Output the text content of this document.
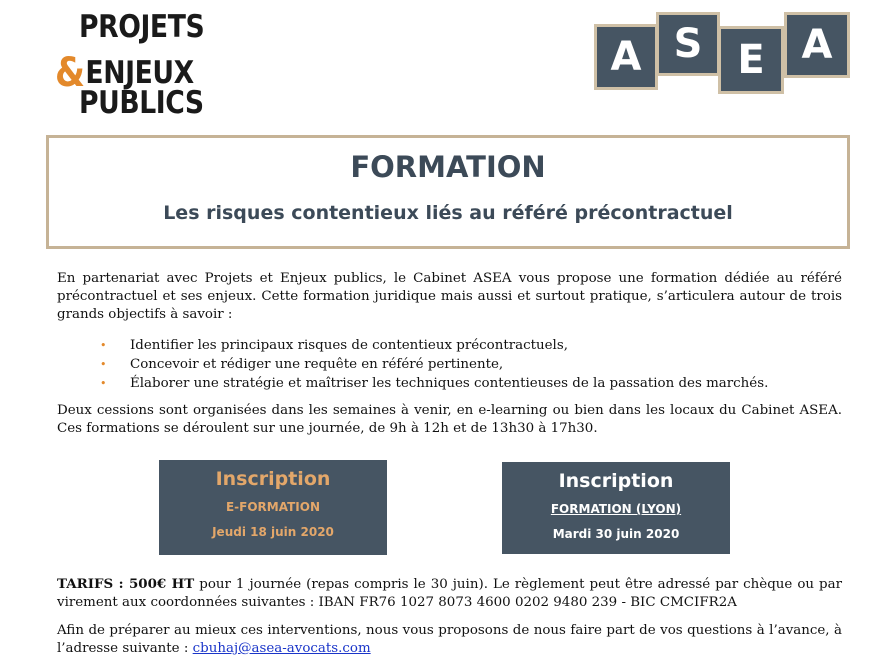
PROJETS
&ENJEUX
PUBLICS
A S E A
FORMATION
Les risques contentieux liés au référé précontractuel
En partenariat avec Projets et Enjeux publics, le Cabinet ASEA vous propose une formation dédiée au référé précontractuel et ses enjeux. Cette formation juridique mais aussi et surtout pratique, s’articulera autour de trois grands objectifs à savoir :
• Identifier les principaux risques de contentieux précontractuels,
• Concevoir et rédiger une requête en référé pertinente,
• Élaborer une stratégie et maîtriser les techniques contentieuses de la passation des marchés.
Deux cessions sont organisées dans les semaines à venir, en e-learning ou bien dans les locaux du Cabinet ASEA. Ces formations se déroulent sur une journée, de 9h à 12h et de 13h30 à 17h30.
Inscription
E-FORMATION
Jeudi 18 juin 2020
Inscription
FORMATION (LYON)
Mardi 30 juin 2020
TARIFS : 500€ HT pour 1 journée (repas compris le 30 juin). Le règlement peut être adressé par chèque ou par virement aux coordonnées suivantes : IBAN FR76 1027 8073 4600 0202 9480 239 - BIC CMCIFR2A
Afin de préparer au mieux ces interventions, nous vous proposons de nous faire part de vos questions à l’avance, à l’adresse suivante : cbuhaj@asea-avocats.com
